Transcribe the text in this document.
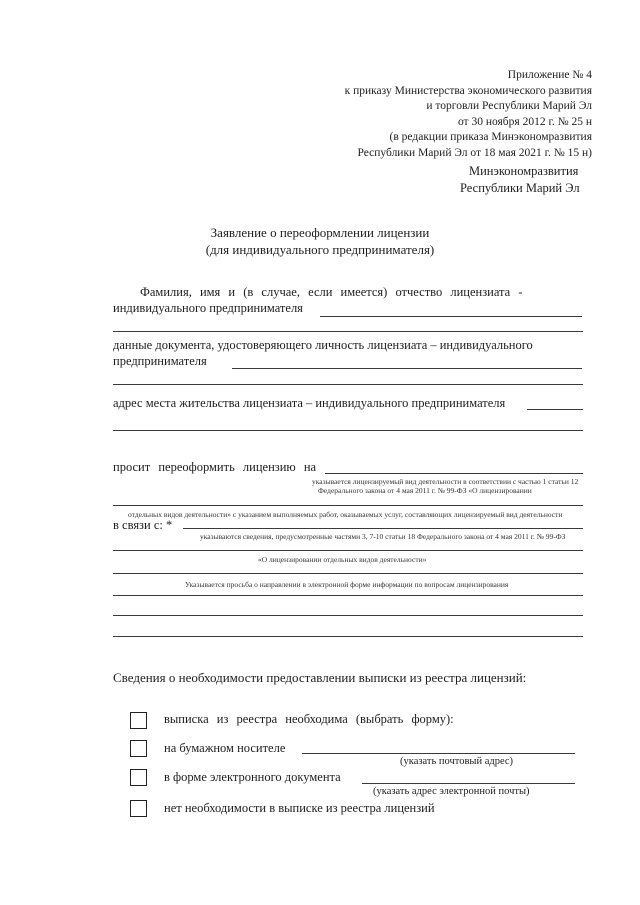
Приложение № 4
к приказу Министерства экономического развития
и торговли Республики Марий Эл
от 30 ноября 2012 г. № 25 н
(в редакции приказа Минэкономразвития
Республики Марий Эл от 18 мая 2021 г. № 15 н)
Минэкономразвития
Республики Марий Эл
Заявление о переоформлении лицензии
(для индивидуального предпринимателя)
Фамилия, имя и (в случае, если имеется) отчество лицензиата -
индивидуального предпринимателя
данные документа, удостоверяющего личность лицензиата – индивидуального
предпринимателя
адрес места жительства лицензиата – индивидуального предпринимателя
просит переоформить лицензию на
указывается лицензируемый вид деятельности в соответствии с частью 1 статьи 12
Федерального закона от 4 мая 2011 г. № 99-ФЗ «О лицензировании
отдельных видов деятельности» с указанием выполняемых работ, оказываемых услуг, составляющих лицензируемый вид деятельности
в связи с: *
указываются сведения, предусмотренные частями 3, 7-10 статьи 18 Федерального закона от 4 мая 2011 г. № 99-ФЗ
«О лицензировании отдельных видов деятельности»
Указывается просьба о направлении в электронной форме информации по вопросам лицензирования
Сведения о необходимости предоставлении выписки из реестра лицензий:
выписка из реестра необходима (выбрать форму):
на бумажном носителе
(указать почтовый адрес)
в форме электронного документа
(указать адрес электронной почты)
нет необходимости в выписке из реестра лицензий
